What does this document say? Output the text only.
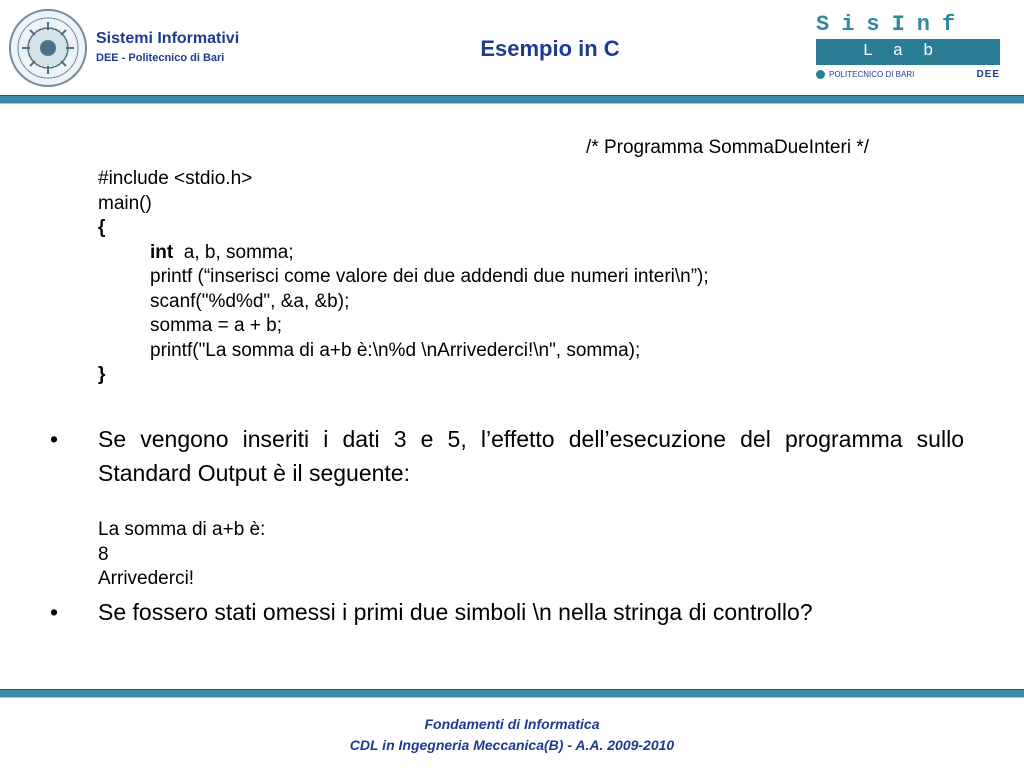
Sistemi Informativi
DEE - Politecnico di Bari	Esempio in C
SisInf
Lab
POLITECNICO DI BARI	DEE
/* Programma SommaDueInteri */
#include <stdio.h>
main()
{
int a, b, somma;
printf (“inserisci come valore dei due addendi due numeri interi\n”);
scanf("%d%d", &a, &b);
somma = a + b;
printf("La somma di a+b è:\n%d \nArrivederci!\n", somma);
}
• Se vengono inseriti i dati 3 e 5, l’effetto dell’esecuzione del programma sullo Standard Output è il seguente:
La somma di a+b è:
8
Arrivederci!
• Se fossero stati omessi i primi due simboli \n nella stringa di controllo?
Fondamenti di Informatica
CDL in Ingegneria Meccanica(B) - A.A. 2009-2010
